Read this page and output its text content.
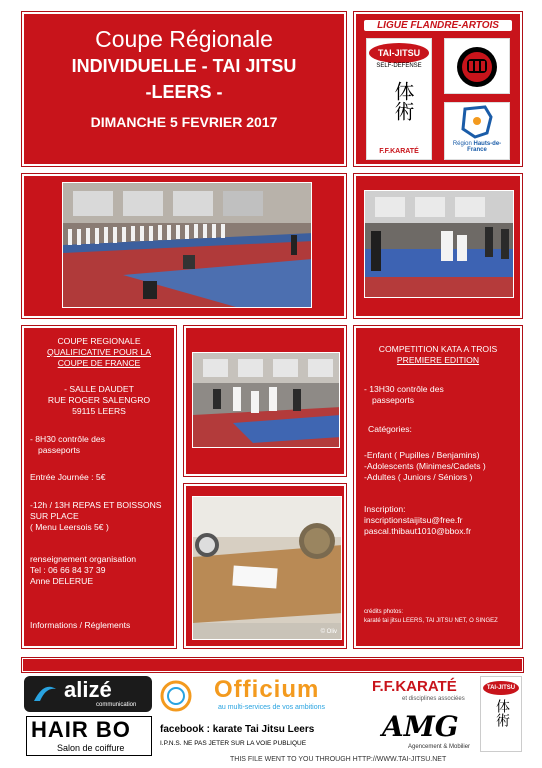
Coupe Régionale
INDIVIDUELLE - TAI JITSU
-LEERS -
DIMANCHE 5 FEVRIER 2017
LIGUE FLANDRE-ARTOIS
TAI-JITSU
SELF-DEFENSE
体術
F.F.KARATÉ
Région Hauts-de-France
COUPE REGIONALE
QUALIFICATIVE POUR LA
COUPE DE FRANCE
- SALLE DAUDET
RUE ROGER SALENGRO
59115 LEERS
- 8H30 contrôle des
passeports
Entrée Journée : 5€
-12h / 13H REPAS ET BOISSONS
SUR PLACE
( Menu Leersois 5€ )
renseignement organisation
Tel : 06 66 84 37 39
Anne DELERUE
Informations / Réglements
© Oliv
COMPETITION KATA A TROIS
PREMIERE EDITION
- 13H30 contrôle des
passeports
Catégories:
-Enfant ( Pupilles / Benjamins)
-Adolescents (Minimes/Cadets )
-Adultes ( Juniors / Séniors )
Inscription:
inscriptionstaijitsu@free.fr
pascal.thibaut1010@bbox.fr
crédits photos:
karaté tai jitsu LEERS, TAI JITSU NET, O SINGEZ
alizé
communication
HAIR BO
Salon de coiffure
Officium
au multi-services de vos ambitions
F.F.KARATÉ
et disciplines associées
TAI-JITSU
体術
facebook : karate Tai Jitsu Leers
I.P.N.S. NE PAS JETER SUR LA VOIE PUBLIQUE
AMG
Agencement & Mobilier
THIS FILE WENT TO YOU THROUGH HTTP://WWW.TAI-JITSU.NET
